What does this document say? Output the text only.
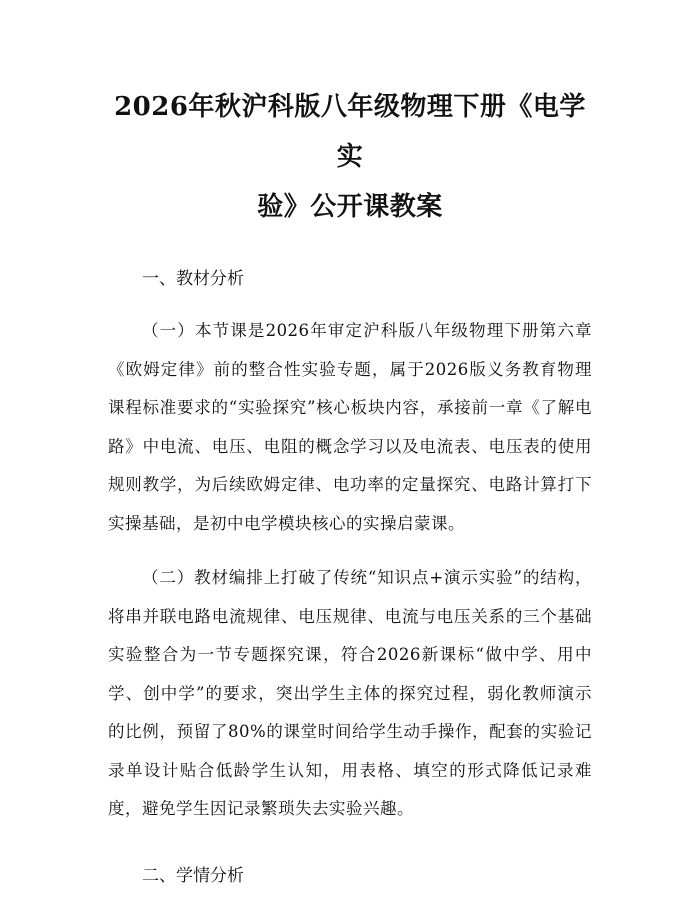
2026年秋沪科版八年级物理下册《电学实
验》公开课教案
一、教材分析

（一）本节课是2026年审定沪科版八年级物理下册第六章《欧姆定律》前的整合性实验专题，属于2026版义务教育物理课程标准要求的“实验探究”核心板块内容，承接前一章《了解电路》中电流、电压、电阻的概念学习以及电流表、电压表的使用规则教学，为后续欧姆定律、电功率的定量探究、电路计算打下实操基础，是初中电学模块核心的实操启蒙课。

（二）教材编排上打破了传统“知识点+演示实验”的结构，将串并联电路电流规律、电压规律、电流与电压关系的三个基础实验整合为一节专题探究课，符合2026新课标“做中学、用中学、创中学”的要求，突出学生主体的探究过程，弱化教师演示的比例，预留了80%的课堂时间给学生动手操作，配套的实验记录单设计贴合低龄学生认知，用表格、填空的形式降低记录难度，避免学生因记录繁琐失去实验兴趣。

二、学情分析
